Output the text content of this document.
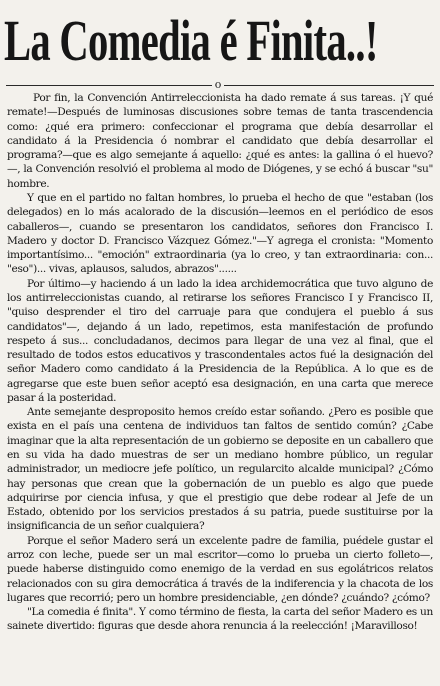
La Comedia é Finita..!
o

Por fin, la Convención Antirreleccionista ha dado remate á sus tareas. ¡Y qué remate!—Después de luminosas discusiones sobre temas de tanta trascendencia como: ¿qué era primero: confeccionar el programa que debía desarrollar el candidato á la Presidencia ó nombrar el candidato que debía desarrollar el programa?—que es algo semejante á aquello: ¿qué es antes: la gallina ó el huevo?—, la Convención resolvió el problema al modo de Diógenes, y se echó á buscar "su" hombre.

Y que en el partido no faltan hombres, lo prueba el hecho de que "estaban (los delegados) en lo más acalorado de la discusión—leemos en el periódico de esos caballeros—, cuando se presentaron los candidatos, señores don Francisco I. Madero y doctor D. Francisco Vázquez Gómez."—Y agrega el cronista: "Momento importantísimo... "emoción" extraordinaria (ya lo creo, y tan extraordinaria: con... "eso")... vivas, aplausos, saludos, abrazos"......

Por último—y haciendo á un lado la idea archidemocrática que tuvo alguno de los antirreleccionistas cuando, al retirarse los señores Francisco I y Francisco II, "quiso desprender el tiro del carruaje para que condujera el pueblo á sus candidatos"—, dejando á un lado, repetimos, esta manifestación de profundo respeto á sus... concludadanos, decimos para llegar de una vez al final, que el resultado de todos estos educativos y trascondentales actos fué la designación del señor Madero como candidato á la Presidencia de la República. A lo que es de agregarse que este buen señor aceptó esa designación, en una carta que merece pasar á la posteridad.

Ante semejante desproposito hemos creído estar soñando. ¿Pero es posible que exista en el país una centena de individuos tan faltos de sentido común? ¿Cabe imaginar que la alta representación de un gobierno se deposite en un caballero que en su vida ha dado muestras de ser un mediano hombre público, un regular administrador, un mediocre jefe político, un regularcito alcalde municipal? ¿Cómo hay personas que crean que la gobernación de un pueblo es algo que puede adquirirse por ciencia infusa, y que el prestigio que debe rodear al Jefe de un Estado, obtenido por los servicios prestados á su patria, puede sustituirse por la insignificancia de un señor cualquiera?

Porque el señor Madero será un excelente padre de familia, puédele gustar el arroz con leche, puede ser un mal escritor—como lo prueba un cierto folleto—, puede haberse distinguido como enemigo de la verdad en sus egolátricos relatos relacionados con su gira democrática á través de la indiferencia y la chacota de los lugares que recorrió; pero un hombre presidenciable, ¿en dónde? ¿cuándo? ¿cómo?

"La comedia é finita". Y como término de fiesta, la carta del señor Madero es un sainete divertido: figuras que desde ahora renuncia á la reelección! ¡Maravilloso!
